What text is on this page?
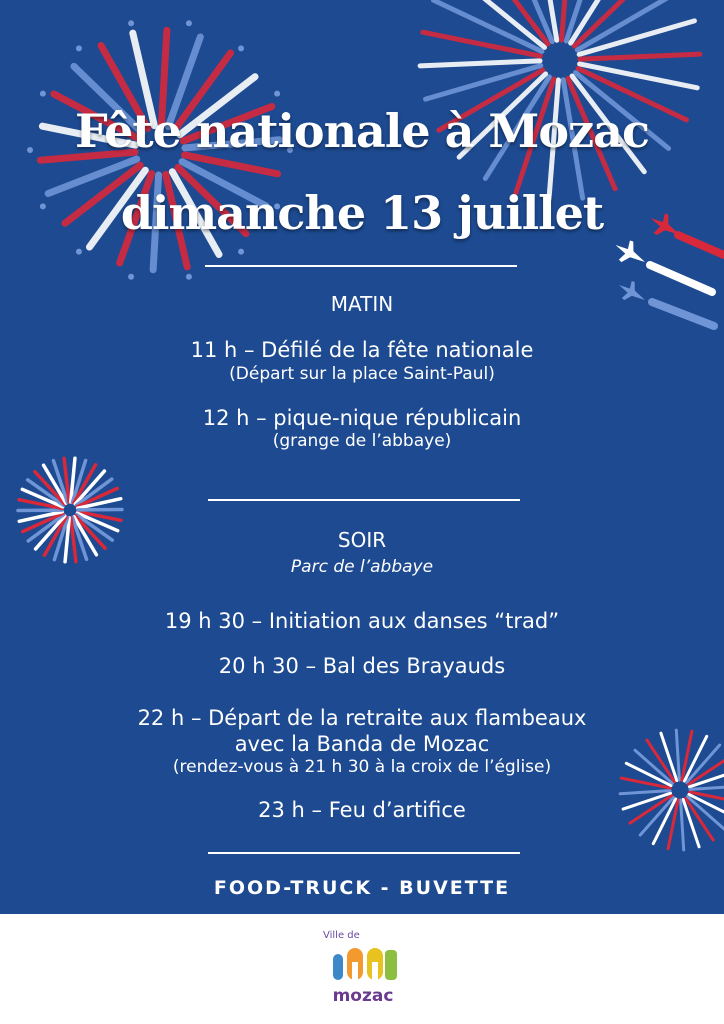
Fête nationale à Mozac
dimanche 13 juillet
MATIN
11 h – Défilé de la fête nationale
(Départ sur la place Saint-Paul)
12 h – pique-nique républicain
(grange de l’abbaye)
SOIR
Parc de l’abbaye
19 h 30 – Initiation aux danses “trad”
20 h 30 – Bal des Brayauds
22 h – Départ de la retraite aux flambeaux
avec la Banda de Mozac
(rendez-vous à 21 h 30 à la croix de l’église)
23 h – Feu d’artifice
FOOD-TRUCK - BUVETTE
Ville de
mozac
